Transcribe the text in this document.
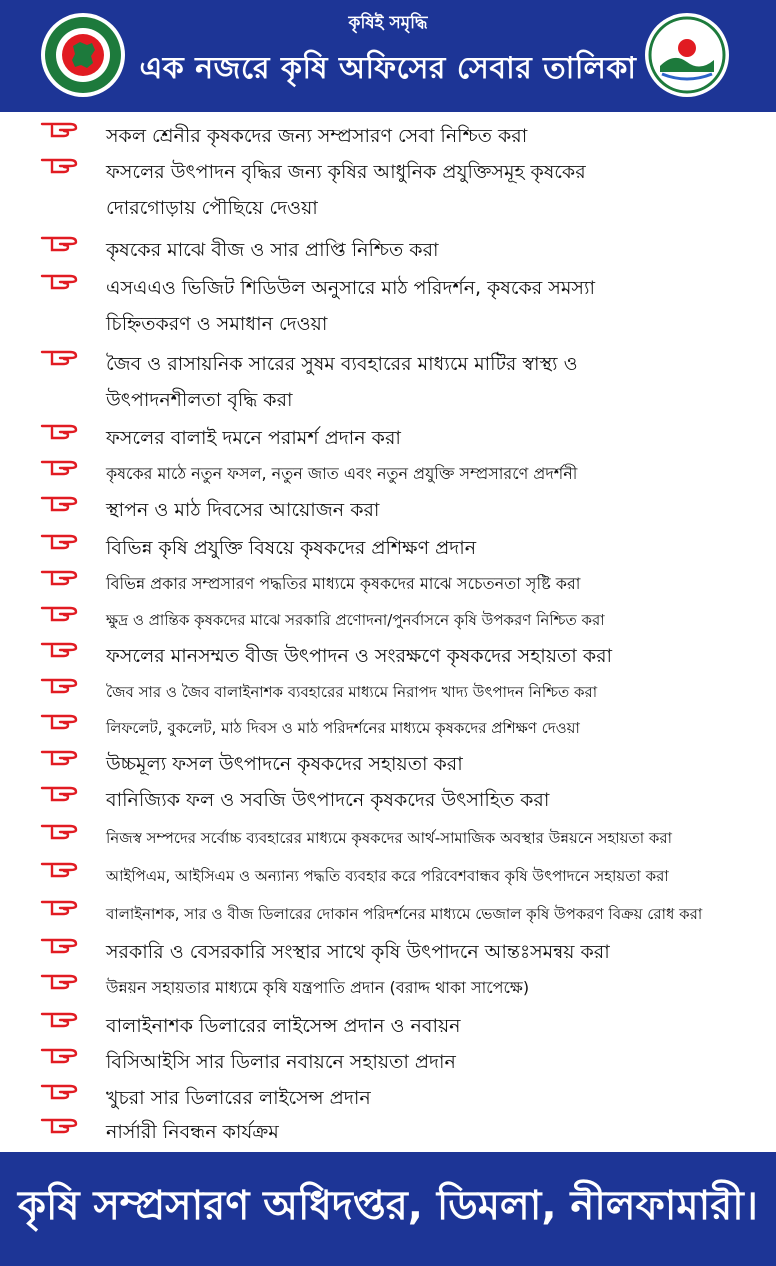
কৃষিই সমৃদ্ধি
এক নজরে কৃষি অফিসের সেবার তালিকা
সকল শ্রেনীর কৃষকদের জন্য সম্প্রসারণ সেবা নিশ্চিত করা
ফসলের উৎপাদন বৃদ্ধির জন্য কৃষির আধুনিক প্রযুক্তিসমূহ কৃষকের
দোরগোড়ায় পৌছিয়ে দেওয়া
কৃষকের মাঝে বীজ ও সার প্রাপ্তি নিশ্চিত করা
এসএএও ভিজিট শিডিউল অনুসারে মাঠ পরিদর্শন, কৃষকের সমস্যা
চিহ্নিতকরণ ও সমাধান দেওয়া
জৈব ও রাসায়নিক সারের সুষম ব্যবহারের মাধ্যমে মাটির স্বাস্থ্য ও
উৎপাদনশীলতা বৃদ্ধি করা
ফসলের বালাই দমনে পরামর্শ প্রদান করা
কৃষকের মাঠে নতুন ফসল, নতুন জাত এবং নতুন প্রযুক্তি সম্প্রসারণে প্রদর্শনী
স্থাপন ও মাঠ দিবসের আয়োজন করা
বিভিন্ন কৃষি প্রযুক্তি বিষয়ে কৃষকদের প্রশিক্ষণ প্রদান
বিভিন্ন প্রকার সম্প্রসারণ পদ্ধতির মাধ্যমে কৃষকদের মাঝে সচেতনতা সৃষ্টি করা
ক্ষুদ্র ও প্রান্তিক কৃষকদের মাঝে সরকারি প্রণোদনা/পুনর্বাসনে কৃষি উপকরণ নিশ্চিত করা
ফসলের মানসম্মত বীজ উৎপাদন ও সংরক্ষণে কৃষকদের সহায়তা করা
জৈব সার ও জৈব বালাইনাশক ব্যবহারের মাধ্যমে নিরাপদ খাদ্য উৎপাদন নিশ্চিত করা
লিফলেট, বুকলেট, মাঠ দিবস ও মাঠ পরিদর্শনের মাধ্যমে কৃষকদের প্রশিক্ষণ দেওয়া
উচ্চমূল্য ফসল উৎপাদনে কৃষকদের সহায়তা করা
বানিজ্যিক ফল ও সবজি উৎপাদনে কৃষকদের উৎসাহিত করা
নিজস্ব সম্পদের সর্বোচ্চ ব্যবহারের মাধ্যমে কৃষকদের আর্থ-সামাজিক অবস্থার উন্নয়নে সহায়তা করা
আইপিএম, আইসিএম ও অন্যান্য পদ্ধতি ব্যবহার করে পরিবেশবান্ধব কৃষি উৎপাদনে সহায়তা করা
বালাইনাশক, সার ও বীজ ডিলারের দোকান পরিদর্শনের মাধ্যমে ভেজাল কৃষি উপকরণ বিক্রয় রোধ করা
সরকারি ও বেসরকারি সংস্থার সাথে কৃষি উৎপাদনে আন্তঃসমন্বয় করা
উন্নয়ন সহায়তার মাধ্যমে কৃষি যন্ত্রপাতি প্রদান (বরাদ্দ থাকা সাপেক্ষে)
বালাইনাশক ডিলারের লাইসেন্স প্রদান ও নবায়ন
বিসিআইসি সার ডিলার নবায়নে সহায়তা প্রদান
খুচরা সার ডিলারের লাইসেন্স প্রদান
নার্সারী নিবন্ধন কার্যক্রম
কৃষি সম্প্রসারণ অধিদপ্তর, ডিমলা, নীলফামারী।
